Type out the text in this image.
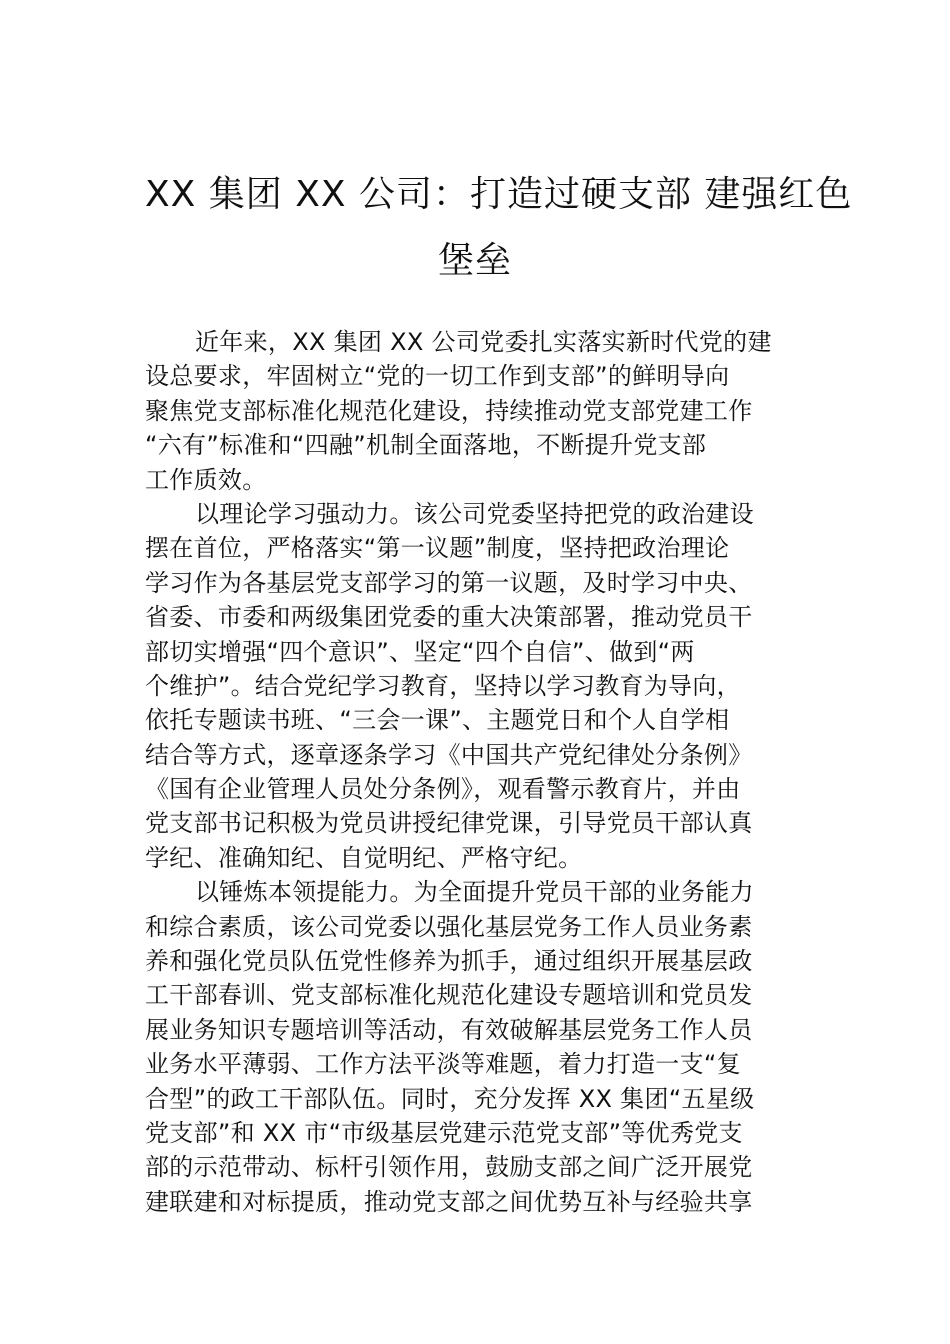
XX 集团 XX 公司：打造过硬支部 建强红色
堡垒
近年来，XX 集团 XX 公司党委扎实落实新时代党的建
设总要求，牢固树立“党的一切工作到支部”的鲜明导向
聚焦党支部标准化规范化建设，持续推动党支部党建工作
“六有”标准和“四融”机制全面落地，不断提升党支部
工作质效。
以理论学习强动力。该公司党委坚持把党的政治建设
摆在首位，严格落实“第一议题”制度，坚持把政治理论
学习作为各基层党支部学习的第一议题，及时学习中央、
省委、市委和两级集团党委的重大决策部署，推动党员干
部切实增强“四个意识”、坚定“四个自信”、做到“两
个维护”。结合党纪学习教育，坚持以学习教育为导向，
依托专题读书班、“三会一课”、主题党日和个人自学相
结合等方式，逐章逐条学习《中国共产党纪律处分条例》
《国有企业管理人员处分条例》，观看警示教育片，并由
党支部书记积极为党员讲授纪律党课，引导党员干部认真
学纪、准确知纪、自觉明纪、严格守纪。
以锤炼本领提能力。为全面提升党员干部的业务能力
和综合素质，该公司党委以强化基层党务工作人员业务素
养和强化党员队伍党性修养为抓手，通过组织开展基层政
工干部春训、党支部标准化规范化建设专题培训和党员发
展业务知识专题培训等活动，有效破解基层党务工作人员
业务水平薄弱、工作方法平淡等难题，着力打造一支“复
合型”的政工干部队伍。同时，充分发挥 XX 集团“五星级
党支部”和 XX 市“市级基层党建示范党支部”等优秀党支
部的示范带动、标杆引领作用，鼓励支部之间广泛开展党
建联建和对标提质，推动党支部之间优势互补与经验共享
